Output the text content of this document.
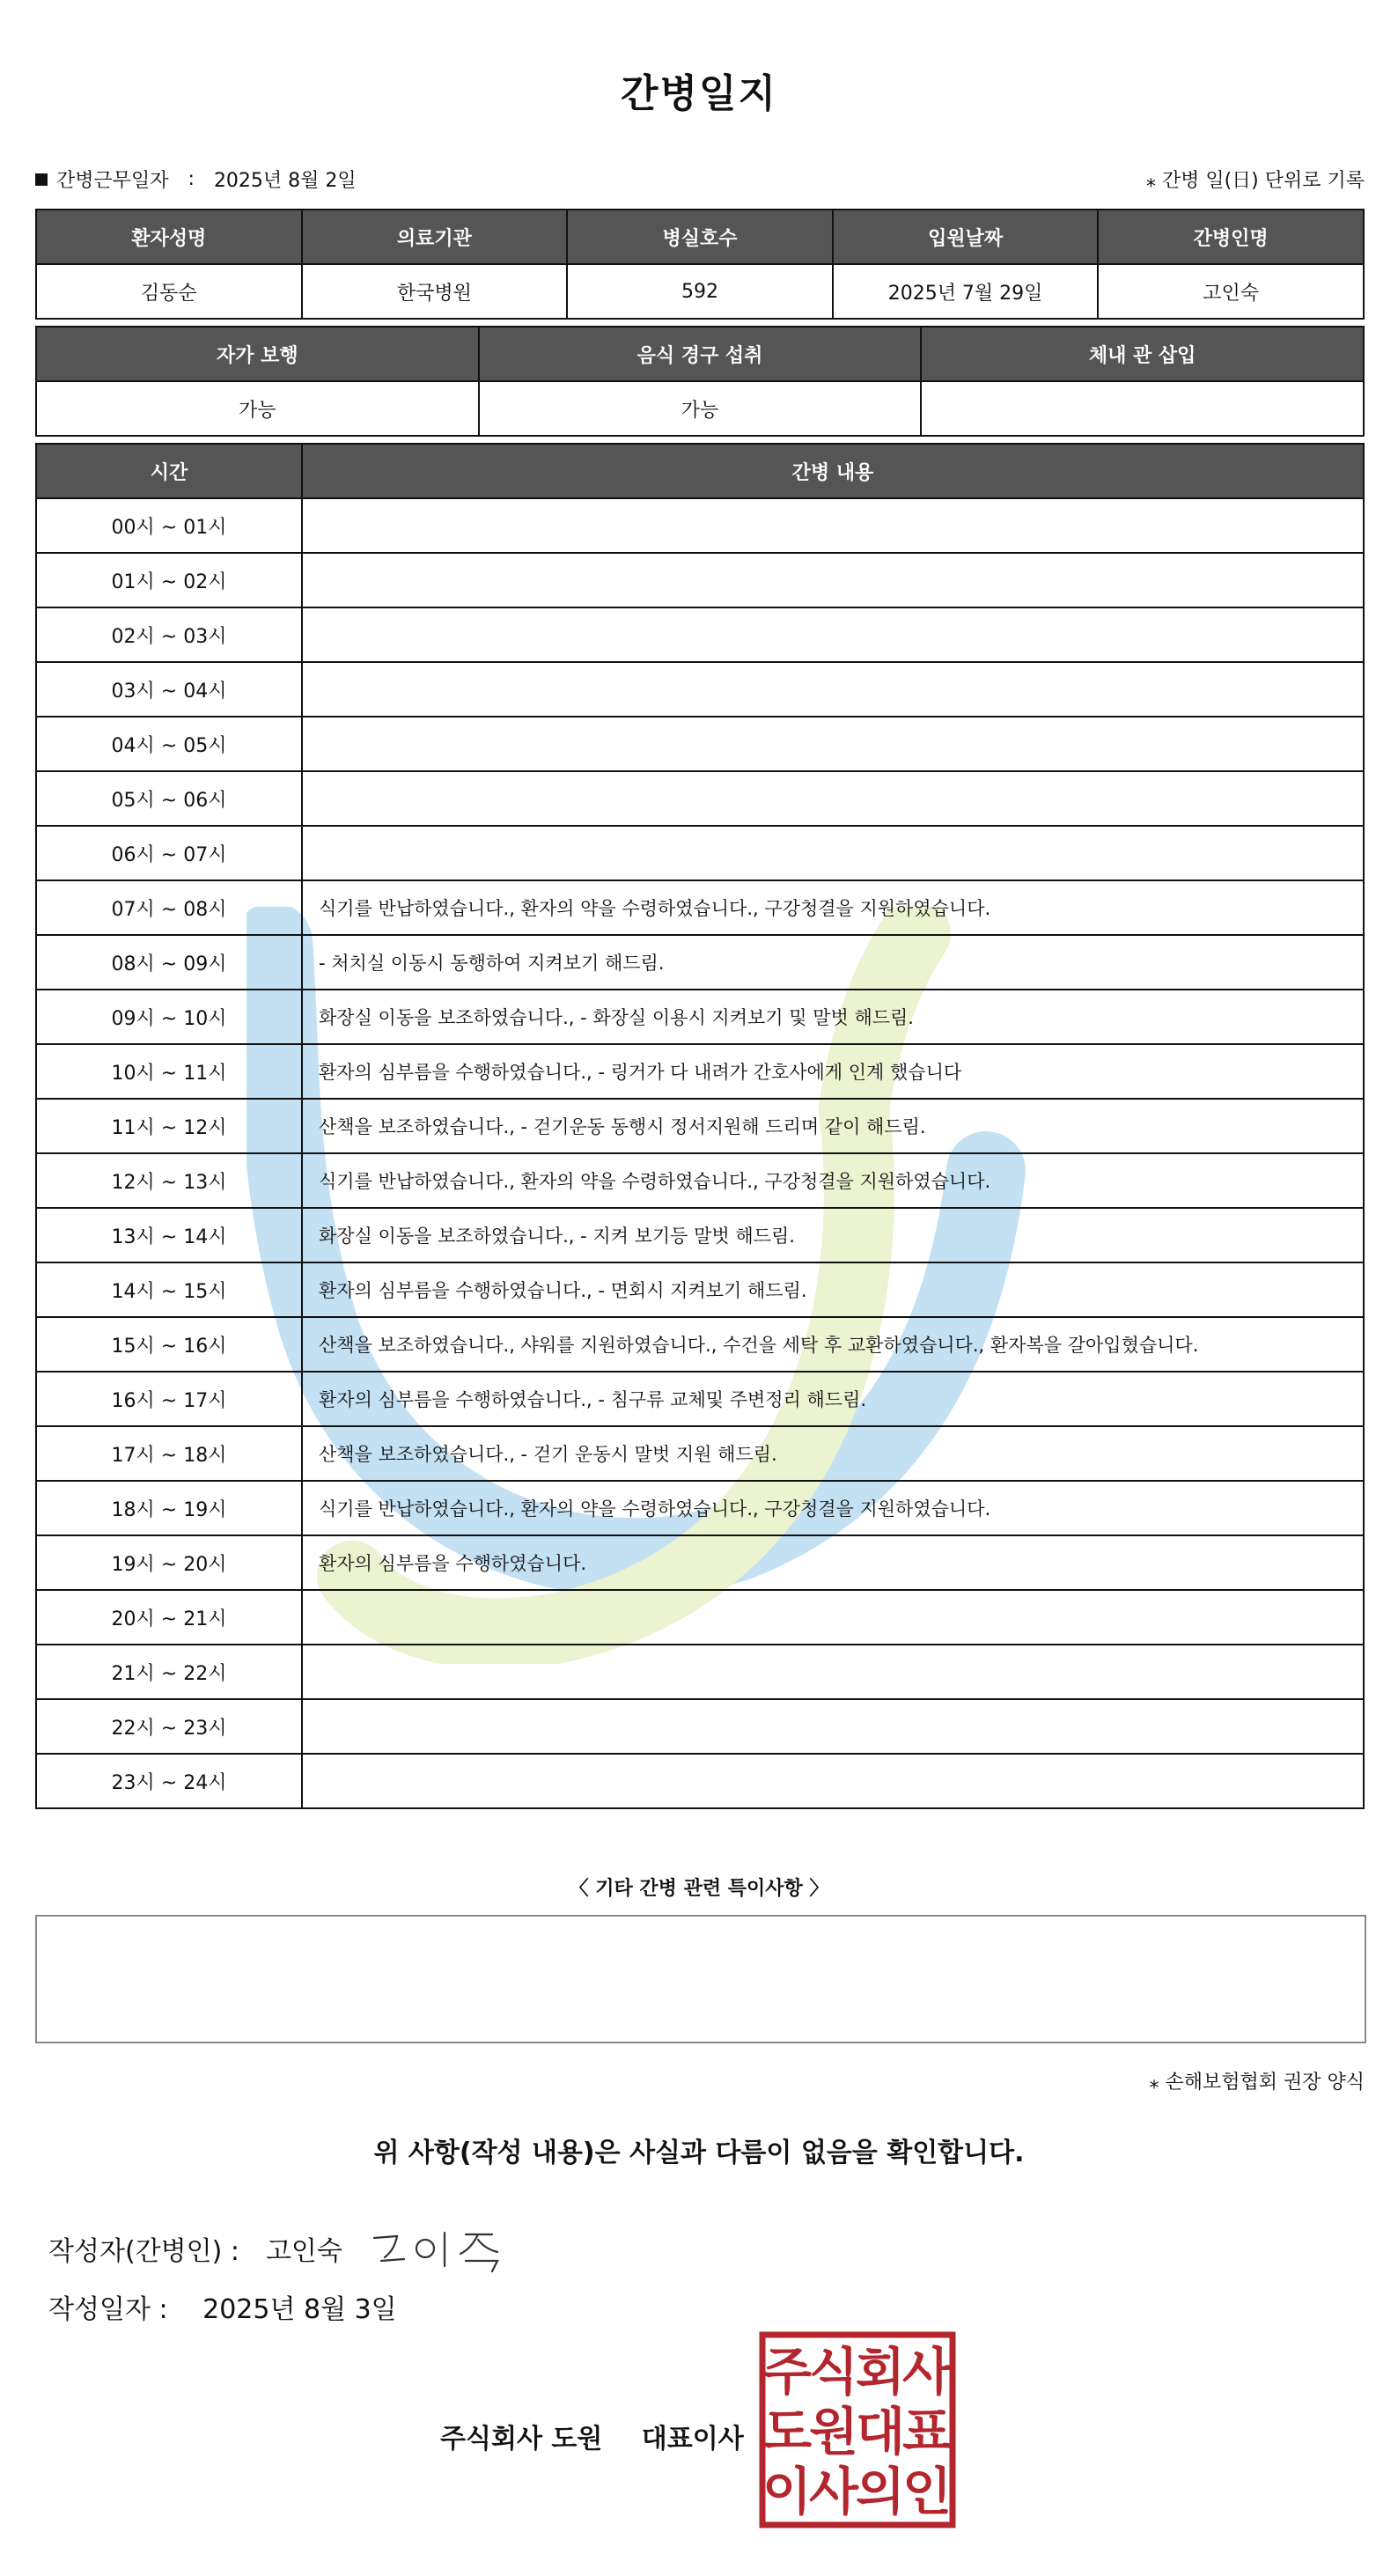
간병일지
간병근무일자 : 2025년 8월 2일	⁎ 간병 일(日) 단위로 기록
환자성명	의료기관	병실호수	입원날짜	간병인명
김동순	한국병원	592	2025년 7월 29일	고인숙
자가 보행	음식 경구 섭취	체내 관 삽입
가능	가능	
시간	간병 내용
00시 ~ 01시	
01시 ~ 02시	
02시 ~ 03시	
03시 ~ 04시	
04시 ~ 05시	
05시 ~ 06시	
06시 ~ 07시	
07시 ~ 08시	식기를 반납하였습니다., 환자의 약을 수령하였습니다., 구강청결을 지원하였습니다.
08시 ~ 09시	- 처치실 이동시 동행하여 지켜보기 해드림.
09시 ~ 10시	화장실 이동을 보조하였습니다., - 화장실 이용시 지켜보기 및 말벗 해드림.
10시 ~ 11시	환자의 심부름을 수행하였습니다., - 링거가 다 내려가 간호사에게 인계 했습니다
11시 ~ 12시	산책을 보조하였습니다., - 걷기운동 동행시 정서지원해 드리며 같이 해드림.
12시 ~ 13시	식기를 반납하였습니다., 환자의 약을 수령하였습니다., 구강청결을 지원하였습니다.
13시 ~ 14시	화장실 이동을 보조하였습니다., - 지켜 보기등 말벗 해드림.
14시 ~ 15시	환자의 심부름을 수행하였습니다., - 면회시 지켜보기 해드림.
15시 ~ 16시	산책을 보조하였습니다., 샤워를 지원하였습니다., 수건을 세탁 후 교환하였습니다., 환자복을 갈아입혔습니다.
16시 ~ 17시	환자의 심부름을 수행하였습니다., - 침구류 교체및 주변정리 해드림.
17시 ~ 18시	산책을 보조하였습니다., - 걷기 운동시 말벗 지원 해드림.
18시 ~ 19시	식기를 반납하였습니다., 환자의 약을 수령하였습니다., 구강청결을 지원하였습니다.
19시 ~ 20시	환자의 심부름을 수행하였습니다.
20시 ~ 21시	
21시 ~ 22시	
22시 ~ 23시	
23시 ~ 24시	
〈 기타 간병 관련 특이사항 〉
⁎ 손해보험협회 권장 양식
위 사항(작성 내용)은 사실과 다름이 없음을 확인합니다.
작성자(간병인) : 고인숙
작성일자 : 2025년 8월 3일
주식회사 도원 대표이사
주
식
회
사
도
원
대
표
이
사
의
인
